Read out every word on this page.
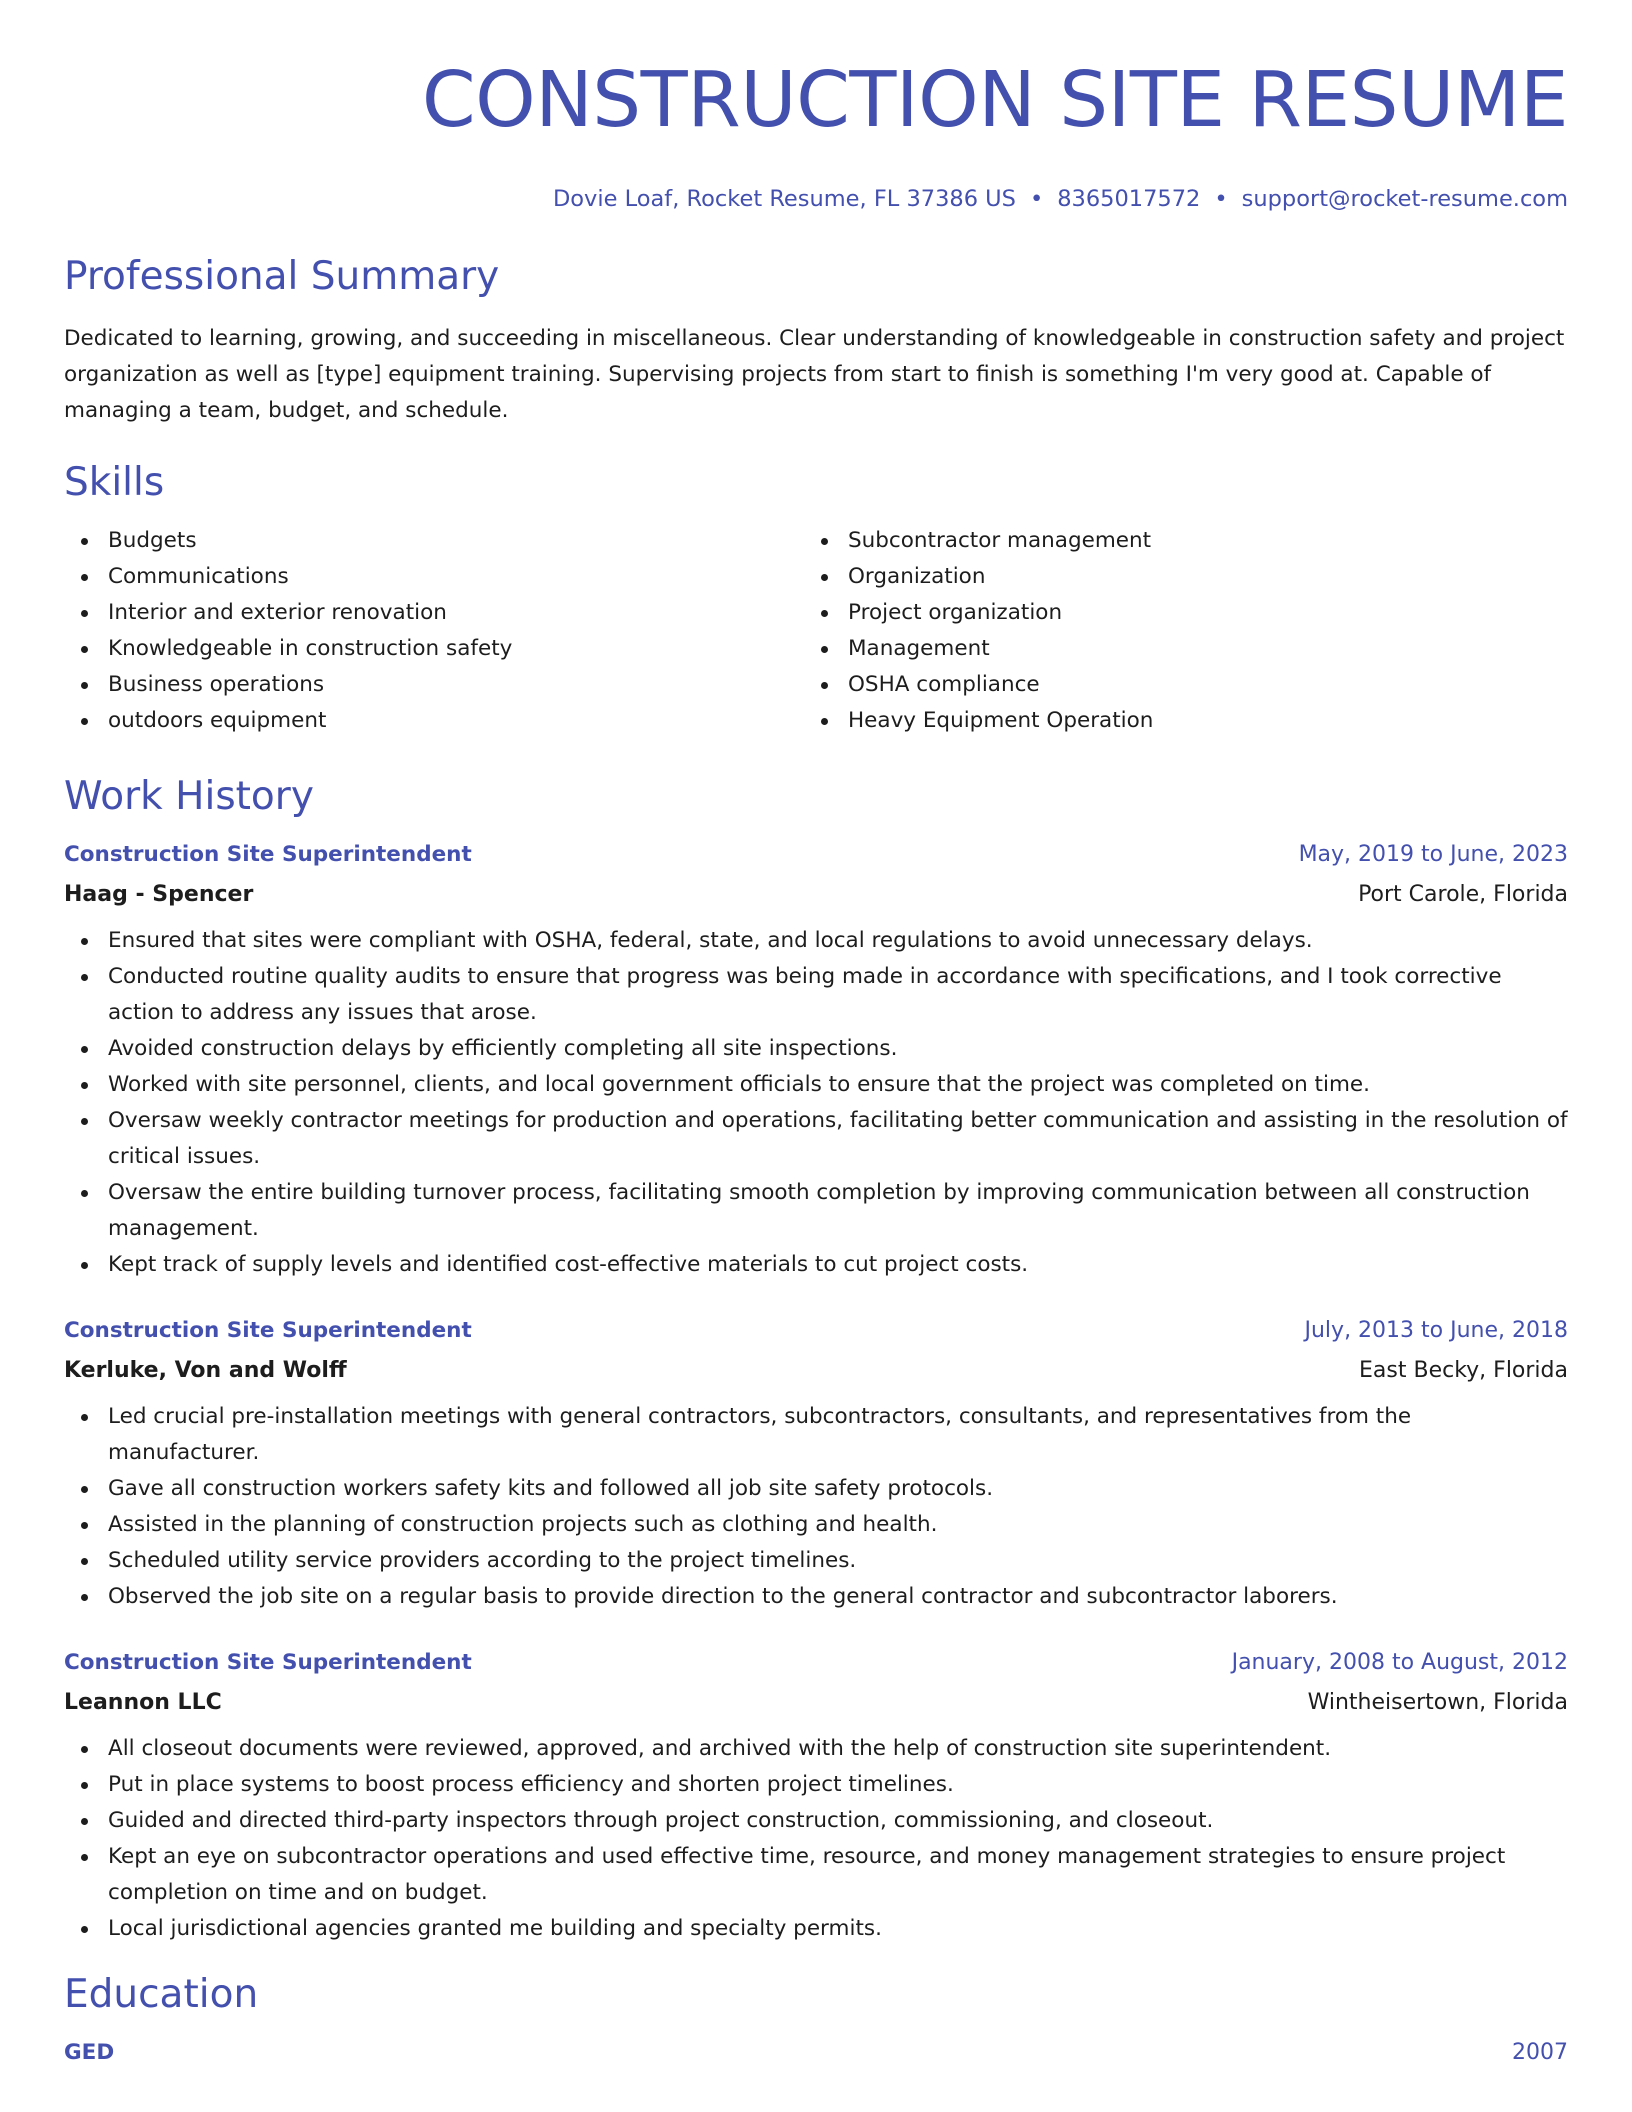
CONSTRUCTION SITE RESUME
Dovie Loaf, Rocket Resume, FL 37386 US • 8365017572 • support@rocket-resume.com
Professional Summary

Dedicated to learning, growing, and succeeding in miscellaneous. Clear understanding of knowledgeable in construction safety and project organization as well as [type] equipment training. Supervising projects from start to finish is something I'm very good at. Capable of managing a team, budget, and schedule.

Skills
Budgets
Communications
Interior and exterior renovation
Knowledgeable in construction safety
Business operations
outdoors equipment
Subcontractor management
Organization
Project organization
Management
OSHA compliance
Heavy Equipment Operation
Work History
Construction Site Superintendent	May, 2019 to June, 2023
Haag - Spencer	Port Carole, Florida
Ensured that sites were compliant with OSHA, federal, state, and local regulations to avoid unnecessary delays.
Conducted routine quality audits to ensure that progress was being made in accordance with specifications, and I took corrective action to address any issues that arose.
Avoided construction delays by efficiently completing all site inspections.
Worked with site personnel, clients, and local government officials to ensure that the project was completed on time.
Oversaw weekly contractor meetings for production and operations, facilitating better communication and assisting in the resolution of critical issues.
Oversaw the entire building turnover process, facilitating smooth completion by improving communication between all construction management.
Kept track of supply levels and identified cost-effective materials to cut project costs.
Construction Site Superintendent	July, 2013 to June, 2018
Kerluke, Von and Wolff	East Becky, Florida
Led crucial pre-installation meetings with general contractors, subcontractors, consultants, and representatives from the manufacturer.
Gave all construction workers safety kits and followed all job site safety protocols.
Assisted in the planning of construction projects such as clothing and health.
Scheduled utility service providers according to the project timelines.
Observed the job site on a regular basis to provide direction to the general contractor and subcontractor laborers.
Construction Site Superintendent	January, 2008 to August, 2012
Leannon LLC	Wintheisertown, Florida
All closeout documents were reviewed, approved, and archived with the help of construction site superintendent.
Put in place systems to boost process efficiency and shorten project timelines.
Guided and directed third-party inspectors through project construction, commissioning, and closeout.
Kept an eye on subcontractor operations and used effective time, resource, and money management strategies to ensure project completion on time and on budget.
Local jurisdictional agencies granted me building and specialty permits.
Education
GED	2007
